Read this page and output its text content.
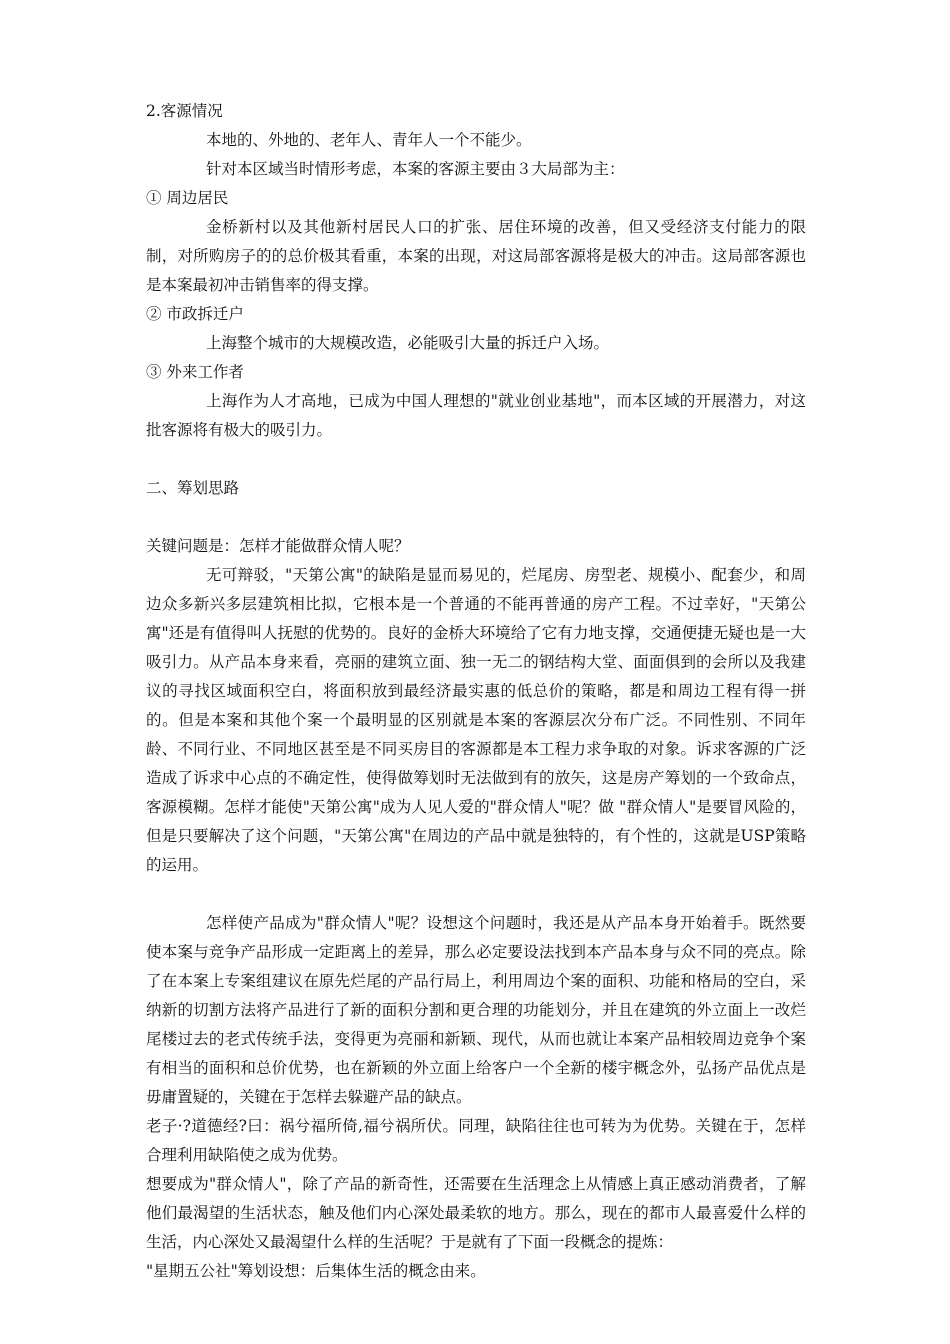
2.客源情况

本地的、外地的、老年人、青年人一个不能少。

针对本区域当时情形考虑，本案的客源主要由３大局部为主：

① 周边居民

金桥新村以及其他新村居民人口的扩张、居住环境的改善，但又受经济支付能力的限制，对所购房子的的总价极其看重，本案的出现，对这局部客源将是极大的冲击。这局部客源也是本案最初冲击销售率的得支撑。

② 市政拆迁户

上海整个城市的大规模改造，必能吸引大量的拆迁户入场。

③ 外来工作者

上海作为人才高地，已成为中国人理想的"就业创业基地"，而本区域的开展潜力，对这批客源将有极大的吸引力。

二、筹划思路

关键问题是：怎样才能做群众情人呢？

无可辩驳，"天第公寓"的缺陷是显而易见的，烂尾房、房型老、规模小、配套少，和周边众多新兴多层建筑相比拟，它根本是一个普通的不能再普通的房产工程。不过幸好，"天第公寓"还是有值得叫人抚慰的优势的。良好的金桥大环境给了它有力地支撑，交通便捷无疑也是一大吸引力。从产品本身来看，亮丽的建筑立面、独一无二的钢结构大堂、面面俱到的会所以及我建议的寻找区域面积空白，将面积放到最经济最实惠的低总价的策略，都是和周边工程有得一拼的。但是本案和其他个案一个最明显的区别就是本案的客源层次分布广泛。不同性别、不同年龄、不同行业、不同地区甚至是不同买房目的客源都是本工程力求争取的对象。诉求客源的广泛造成了诉求中心点的不确定性，使得做筹划时无法做到有的放矢，这是房产筹划的一个致命点，客源模糊。怎样才能使"天第公寓"成为人见人爱的"群众情人"呢？做 "群众情人"是要冒风险的，但是只要解决了这个问题，"天第公寓"在周边的产品中就是独特的，有个性的，这就是USP策略的运用。

怎样使产品成为"群众情人"呢？设想这个问题时，我还是从产品本身开始着手。既然要使本案与竞争产品形成一定距离上的差异，那么必定要设法找到本产品本身与众不同的亮点。除了在本案上专案组建议在原先烂尾的产品行局上，利用周边个案的面积、功能和格局的空白，采纳新的切割方法将产品进行了新的面积分割和更合理的功能划分，并且在建筑的外立面上一改烂尾楼过去的老式传统手法，变得更为亮丽和新颖、现代，从而也就让本案产品相较周边竞争个案有相当的面积和总价优势，也在新颖的外立面上给客户一个全新的楼宇概念外，弘扬产品优点是毋庸置疑的，关键在于怎样去躲避产品的缺点。

老子·?道德经?曰：祸兮福所倚,福兮祸所伏。同理，缺陷往往也可转为为优势。关键在于，怎样合理利用缺陷使之成为优势。

想要成为"群众情人"，除了产品的新奇性，还需要在生活理念上从情感上真正感动消费者，了解他们最渴望的生活状态，触及他们内心深处最柔软的地方。那么，现在的都市人最喜爱什么样的生活，内心深处又最渴望什么样的生活呢？于是就有了下面一段概念的提炼：

"星期五公社"筹划设想：后集体生活的概念由来。
